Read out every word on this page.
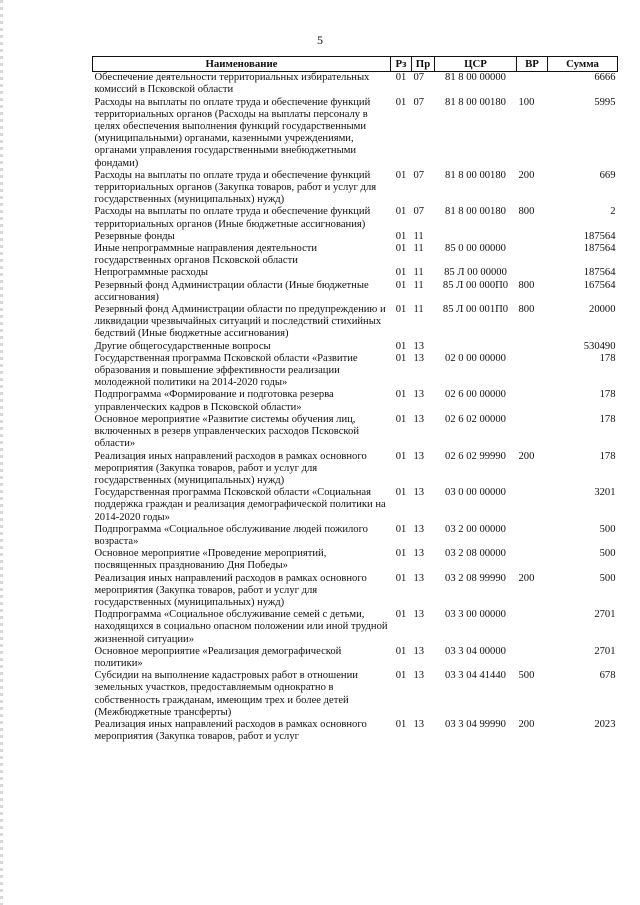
5
Наименование	Рз	Пр	ЦСР	ВР	Сумма
Обеспечение деятельности территориальных избирательных комиссий в Псковской области	01	07	81 8 00 00000		6666
Расходы на выплаты по оплате труда и обеспечение функций территориальных органов (Расходы на выплаты персоналу в целях обеспечения выполнения функций государственными (муниципальными) органами, казенными учреждениями, органами управления государственными внебюджетными фондами)	01	07	81 8 00 00180	100	5995
Расходы на выплаты по оплате труда и обеспечение функций территориальных органов (Закупка товаров, работ и услуг для государственных (муниципальных) нужд)	01	07	81 8 00 00180	200	669
Расходы на выплаты по оплате труда и обеспечение функций территориальных органов (Иные бюджетные ассигнования)	01	07	81 8 00 00180	800	2
Резервные фонды	01	11			187564
Иные непрограммные направления деятельности государственных органов Псковской области	01	11	85 0 00 00000		187564
Непрограммные расходы	01	11	85 Л 00 00000		187564
Резервный фонд Администрации области (Иные бюджетные ассигнования)	01	11	85 Л 00 000П0	800	167564
Резервный фонд Администрации области по предупреждению и ликвидации чрезвычайных ситуаций и последствий стихийных бедствий (Иные бюджетные ассигнования)	01	11	85 Л 00 001П0	800	20000
Другие общегосударственные вопросы	01	13			530490
Государственная программа Псковской области «Развитие образования и повышение эффективности реализации молодежной политики на 2014-2020 годы»	01	13	02 0 00 00000		178
Подпрограмма «Формирование и подготовка резерва управленческих кадров в Псковской области»	01	13	02 6 00 00000		178
Основное мероприятие «Развитие системы обучения лиц, включенных в резерв управленческих расходов Псковской области»	01	13	02 6 02 00000		178
Реализация иных направлений расходов в рамках основного мероприятия (Закупка товаров, работ и услуг для государственных (муниципальных) нужд)	01	13	02 6 02 99990	200	178
Государственная программа Псковской области «Социальная поддержка граждан и реализация демографической политики на 2014-2020 годы»	01	13	03 0 00 00000		3201
Подпрограмма «Социальное обслуживание людей пожилого возраста»	01	13	03 2 00 00000		500
Основное мероприятие «Проведение мероприятий, посвященных празднованию Дня Победы»	01	13	03 2 08 00000		500
Реализация иных направлений расходов в рамках основного мероприятия (Закупка товаров, работ и услуг для государственных (муниципальных) нужд)	01	13	03 2 08 99990	200	500
Подпрограмма «Социальное обслуживание семей с детьми, находящихся в социально опасном положении или иной трудной жизненной ситуации»	01	13	03 3 00 00000		2701
Основное мероприятие «Реализация демографической политики»	01	13	03 3 04 00000		2701
Субсидии на выполнение кадастровых работ в отношении земельных участков, предоставляемым однократно в собственность гражданам, имеющим трех и более детей (Межбюджетные трансферты)	01	13	03 3 04 41440	500	678
Реализация иных направлений расходов в рамках основного мероприятия (Закупка товаров, работ и услуг	01	13	03 3 04 99990	200	2023
